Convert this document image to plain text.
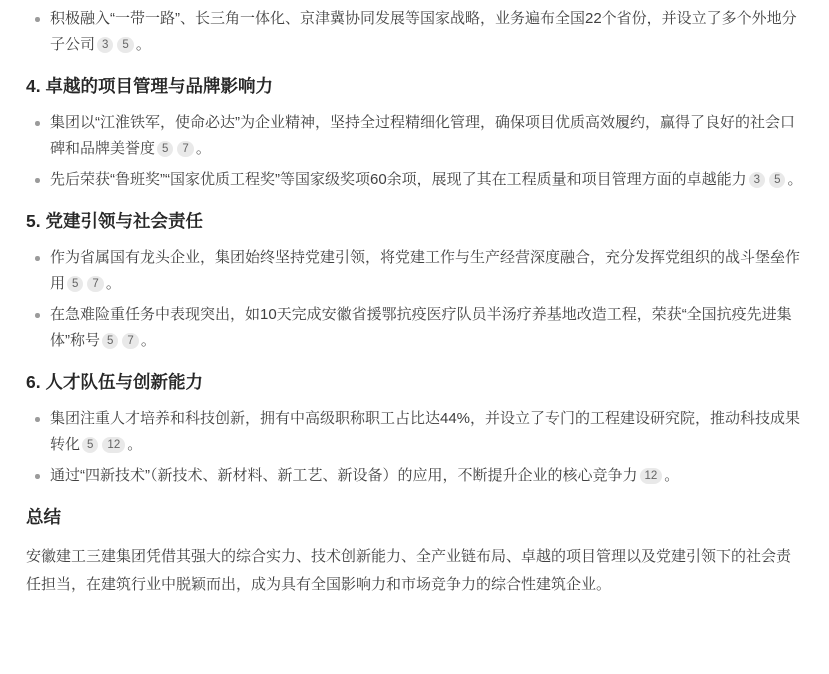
积极融入“一带一路”、长三角一体化、京津冀协同发展等国家战略，业务遍布全国22个省份，并设立了多个外地分子公司 3 5 。
4. 卓越的项目管理与品牌影响力
集团以“江淮铁军，使命必达”为企业精神，坚持全过程精细化管理，确保项目优质高效履约，赢得了良好的社会口碑和品牌美誉度 5 7 。
先后荣获“鲁班奖”“国家优质工程奖”等国家级奖项60余项，展现了其在工程质量和项目管理方面的卓越能力 3 5 。
5. 党建引领与社会责任
作为省属国有龙头企业，集团始终坚持党建引领，将党建工作与生产经营深度融合，充分发挥党组织的战斗堡垒作用 5 7 。
在急难险重任务中表现突出，如10天完成安徽省援鄂抗疫医疗队员半汤疗养基地改造工程，荣获“全国抗疫先进集体”称号 5 7 。
6. 人才队伍与创新能力
集团注重人才培养和科技创新，拥有中高级职称职工占比达44%，并设立了专门的工程建设研究院，推动科技成果转化 5 12 。
通过“四新技术”（新技术、新材料、新工艺、新设备）的应用，不断提升企业的核心竞争力 12 。
总结

安徽建工三建集团凭借其强大的综合实力、技术创新能力、全产业链布局、卓越的项目管理以及党建引领下的社会责任担当，在建筑行业中脱颖而出，成为具有全国影响力和市场竞争力的综合性建筑企业。
